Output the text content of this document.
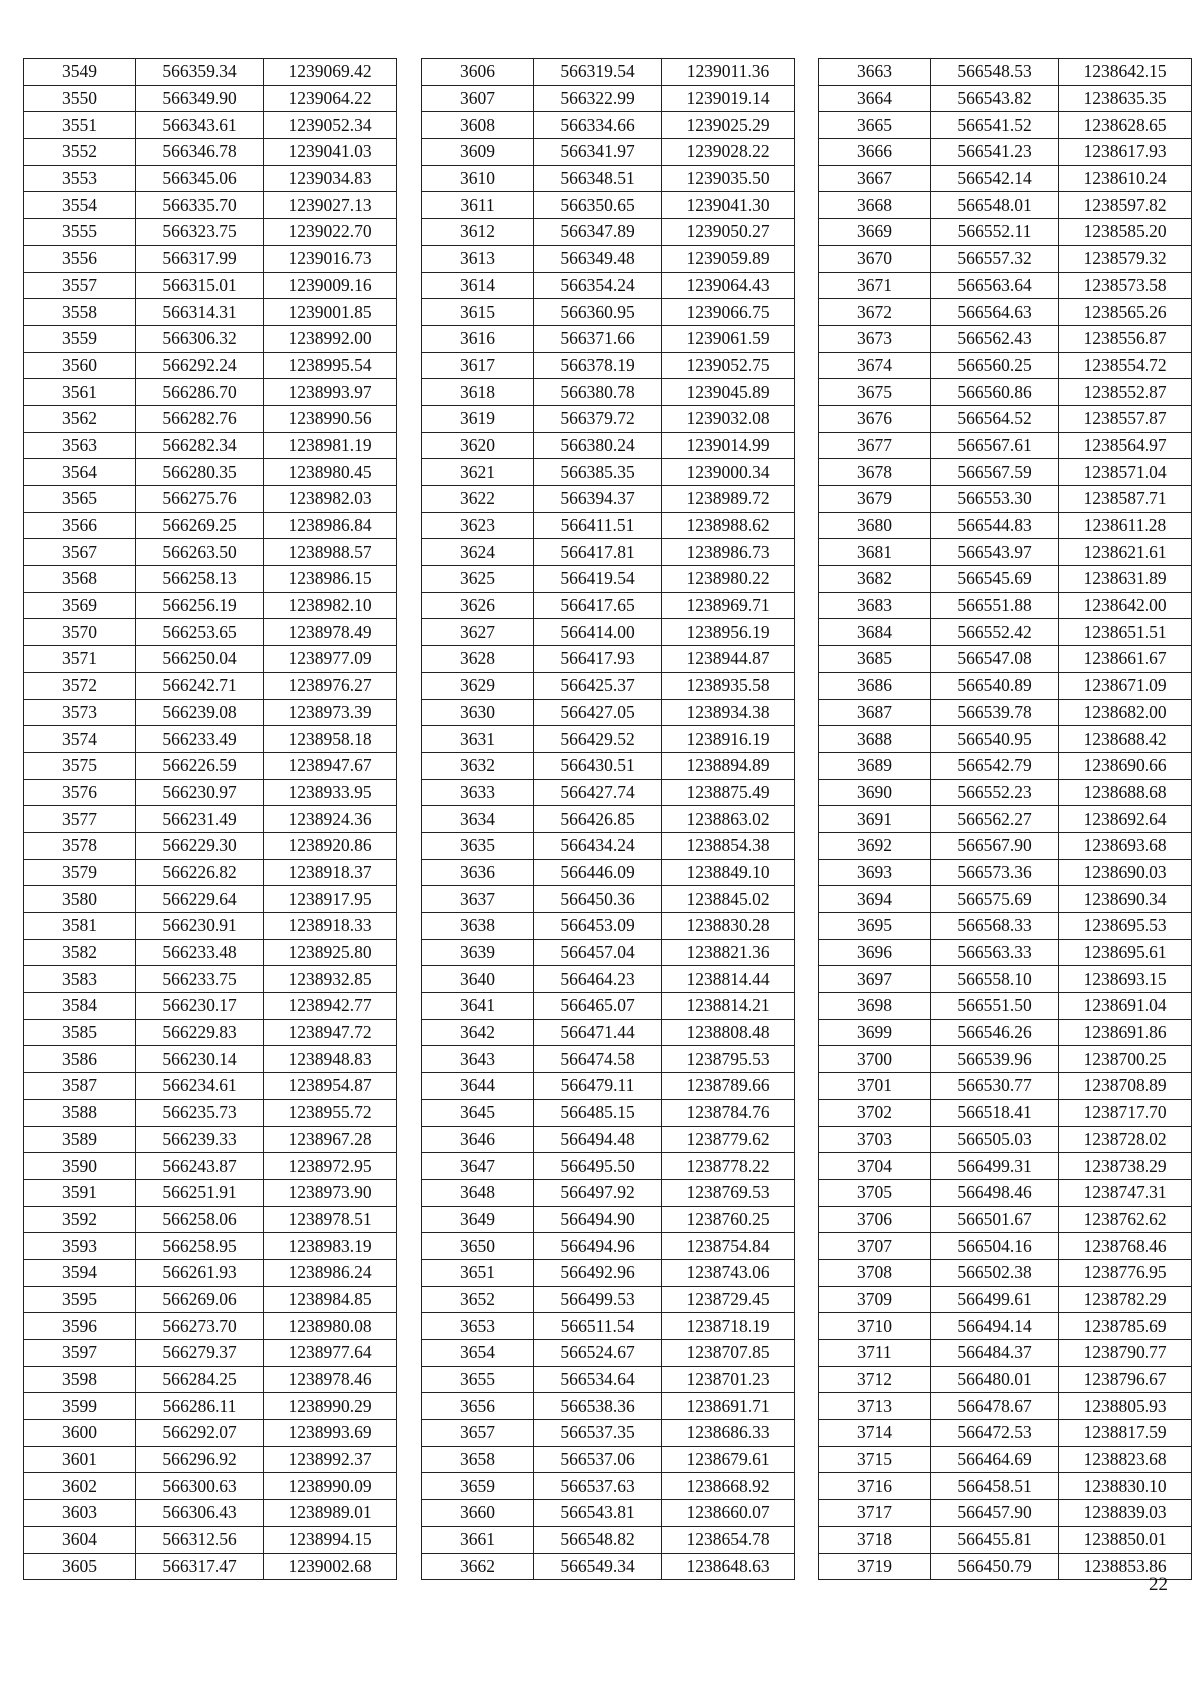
3549	566359.34	1239069.42
3550	566349.90	1239064.22
3551	566343.61	1239052.34
3552	566346.78	1239041.03
3553	566345.06	1239034.83
3554	566335.70	1239027.13
3555	566323.75	1239022.70
3556	566317.99	1239016.73
3557	566315.01	1239009.16
3558	566314.31	1239001.85
3559	566306.32	1238992.00
3560	566292.24	1238995.54
3561	566286.70	1238993.97
3562	566282.76	1238990.56
3563	566282.34	1238981.19
3564	566280.35	1238980.45
3565	566275.76	1238982.03
3566	566269.25	1238986.84
3567	566263.50	1238988.57
3568	566258.13	1238986.15
3569	566256.19	1238982.10
3570	566253.65	1238978.49
3571	566250.04	1238977.09
3572	566242.71	1238976.27
3573	566239.08	1238973.39
3574	566233.49	1238958.18
3575	566226.59	1238947.67
3576	566230.97	1238933.95
3577	566231.49	1238924.36
3578	566229.30	1238920.86
3579	566226.82	1238918.37
3580	566229.64	1238917.95
3581	566230.91	1238918.33
3582	566233.48	1238925.80
3583	566233.75	1238932.85
3584	566230.17	1238942.77
3585	566229.83	1238947.72
3586	566230.14	1238948.83
3587	566234.61	1238954.87
3588	566235.73	1238955.72
3589	566239.33	1238967.28
3590	566243.87	1238972.95
3591	566251.91	1238973.90
3592	566258.06	1238978.51
3593	566258.95	1238983.19
3594	566261.93	1238986.24
3595	566269.06	1238984.85
3596	566273.70	1238980.08
3597	566279.37	1238977.64
3598	566284.25	1238978.46
3599	566286.11	1238990.29
3600	566292.07	1238993.69
3601	566296.92	1238992.37
3602	566300.63	1238990.09
3603	566306.43	1238989.01
3604	566312.56	1238994.15
3605	566317.47	1239002.68
3606	566319.54	1239011.36
3607	566322.99	1239019.14
3608	566334.66	1239025.29
3609	566341.97	1239028.22
3610	566348.51	1239035.50
3611	566350.65	1239041.30
3612	566347.89	1239050.27
3613	566349.48	1239059.89
3614	566354.24	1239064.43
3615	566360.95	1239066.75
3616	566371.66	1239061.59
3617	566378.19	1239052.75
3618	566380.78	1239045.89
3619	566379.72	1239032.08
3620	566380.24	1239014.99
3621	566385.35	1239000.34
3622	566394.37	1238989.72
3623	566411.51	1238988.62
3624	566417.81	1238986.73
3625	566419.54	1238980.22
3626	566417.65	1238969.71
3627	566414.00	1238956.19
3628	566417.93	1238944.87
3629	566425.37	1238935.58
3630	566427.05	1238934.38
3631	566429.52	1238916.19
3632	566430.51	1238894.89
3633	566427.74	1238875.49
3634	566426.85	1238863.02
3635	566434.24	1238854.38
3636	566446.09	1238849.10
3637	566450.36	1238845.02
3638	566453.09	1238830.28
3639	566457.04	1238821.36
3640	566464.23	1238814.44
3641	566465.07	1238814.21
3642	566471.44	1238808.48
3643	566474.58	1238795.53
3644	566479.11	1238789.66
3645	566485.15	1238784.76
3646	566494.48	1238779.62
3647	566495.50	1238778.22
3648	566497.92	1238769.53
3649	566494.90	1238760.25
3650	566494.96	1238754.84
3651	566492.96	1238743.06
3652	566499.53	1238729.45
3653	566511.54	1238718.19
3654	566524.67	1238707.85
3655	566534.64	1238701.23
3656	566538.36	1238691.71
3657	566537.35	1238686.33
3658	566537.06	1238679.61
3659	566537.63	1238668.92
3660	566543.81	1238660.07
3661	566548.82	1238654.78
3662	566549.34	1238648.63
3663	566548.53	1238642.15
3664	566543.82	1238635.35
3665	566541.52	1238628.65
3666	566541.23	1238617.93
3667	566542.14	1238610.24
3668	566548.01	1238597.82
3669	566552.11	1238585.20
3670	566557.32	1238579.32
3671	566563.64	1238573.58
3672	566564.63	1238565.26
3673	566562.43	1238556.87
3674	566560.25	1238554.72
3675	566560.86	1238552.87
3676	566564.52	1238557.87
3677	566567.61	1238564.97
3678	566567.59	1238571.04
3679	566553.30	1238587.71
3680	566544.83	1238611.28
3681	566543.97	1238621.61
3682	566545.69	1238631.89
3683	566551.88	1238642.00
3684	566552.42	1238651.51
3685	566547.08	1238661.67
3686	566540.89	1238671.09
3687	566539.78	1238682.00
3688	566540.95	1238688.42
3689	566542.79	1238690.66
3690	566552.23	1238688.68
3691	566562.27	1238692.64
3692	566567.90	1238693.68
3693	566573.36	1238690.03
3694	566575.69	1238690.34
3695	566568.33	1238695.53
3696	566563.33	1238695.61
3697	566558.10	1238693.15
3698	566551.50	1238691.04
3699	566546.26	1238691.86
3700	566539.96	1238700.25
3701	566530.77	1238708.89
3702	566518.41	1238717.70
3703	566505.03	1238728.02
3704	566499.31	1238738.29
3705	566498.46	1238747.31
3706	566501.67	1238762.62
3707	566504.16	1238768.46
3708	566502.38	1238776.95
3709	566499.61	1238782.29
3710	566494.14	1238785.69
3711	566484.37	1238790.77
3712	566480.01	1238796.67
3713	566478.67	1238805.93
3714	566472.53	1238817.59
3715	566464.69	1238823.68
3716	566458.51	1238830.10
3717	566457.90	1238839.03
3718	566455.81	1238850.01
3719	566450.79	1238853.86
22
